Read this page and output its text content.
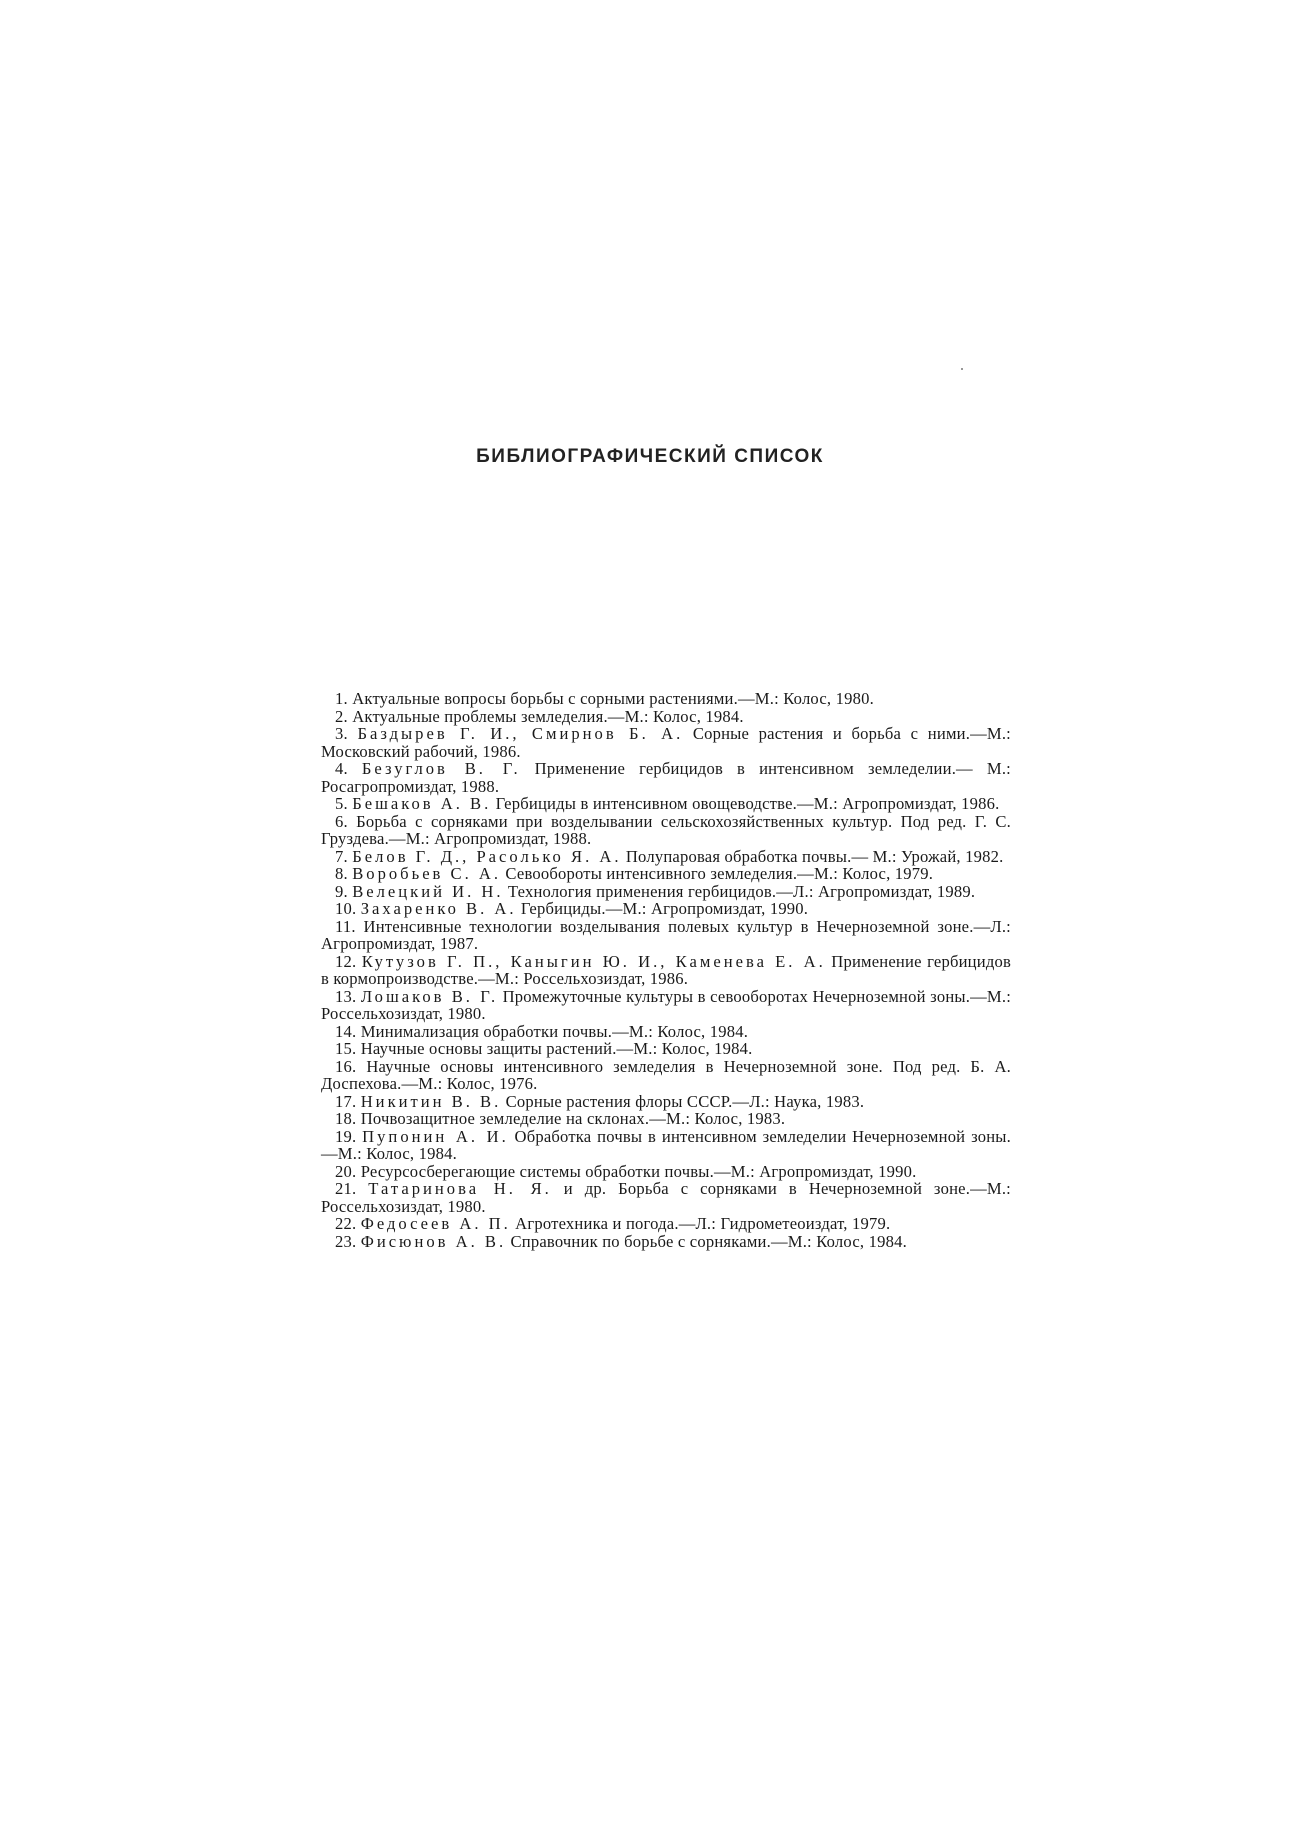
БИБЛИОГРАФИЧЕСКИЙ СПИСОК

1. Актуальные вопросы борьбы с сорными растениями.—М.: Колос, 1980.

2. Актуальные проблемы земледелия.—М.: Колос, 1984.

3. Баздырев Г. И., Смирнов Б. А. Сорные растения и борьба с ними.—М.: Московский рабочий, 1986.

4. Безуглов В. Г. Применение гербицидов в интенсивном земледелии.— М.: Росагропромиздат, 1988.

5. Бешаков А. В. Гербициды в интенсивном овощеводстве.—М.: Агропромиздат, 1986.

6. Борьба с сорняками при возделывании сельскохозяйственных культур. Под ред. Г. С. Груздева.—М.: Агропромиздат, 1988.

7. Белов Г. Д., Расолько Я. А. Полупаровая обработка почвы.— М.: Урожай, 1982.

8. Воробьев С. А. Севообороты интенсивного земледелия.—М.: Колос, 1979.

9. Велецкий И. Н. Технология применения гербицидов.—Л.: Агропромиздат, 1989.

10. Захаренко В. А. Гербициды.—М.: Агропромиздат, 1990.

11. Интенсивные технологии возделывания полевых культур в Нечерноземной зоне.—Л.: Агропромиздат, 1987.

12. Кутузов Г. П., Каныгин Ю. И., Каменева Е. А. Применение гербицидов в кормопроизводстве.—М.: Россельхозиздат, 1986.

13. Лошаков В. Г. Промежуточные культуры в севооборотах Нечерноземной зоны.—М.: Россельхозиздат, 1980.

14. Минимализация обработки почвы.—М.: Колос, 1984.

15. Научные основы защиты растений.—М.: Колос, 1984.

16. Научные основы интенсивного земледелия в Нечерноземной зоне. Под ред. Б. А. Доспехова.—М.: Колос, 1976.

17. Никитин В. В. Сорные растения флоры СССР.—Л.: Наука, 1983.

18. Почвозащитное земледелие на склонах.—М.: Колос, 1983.

19. Пупонин А. И. Обработка почвы в интенсивном земледелии Нечерноземной зоны.—М.: Колос, 1984.

20. Ресурсосберегающие системы обработки почвы.—М.: Агропромиздат, 1990.

21. Татаринова Н. Я. и др. Борьба с сорняками в Нечерноземной зоне.—М.: Россельхозиздат, 1980.

22. Федосеев А. П. Агротехника и погода.—Л.: Гидрометеоиздат, 1979.

23. Фисюнов А. В. Справочник по борьбе с сорняками.—М.: Колос, 1984.
